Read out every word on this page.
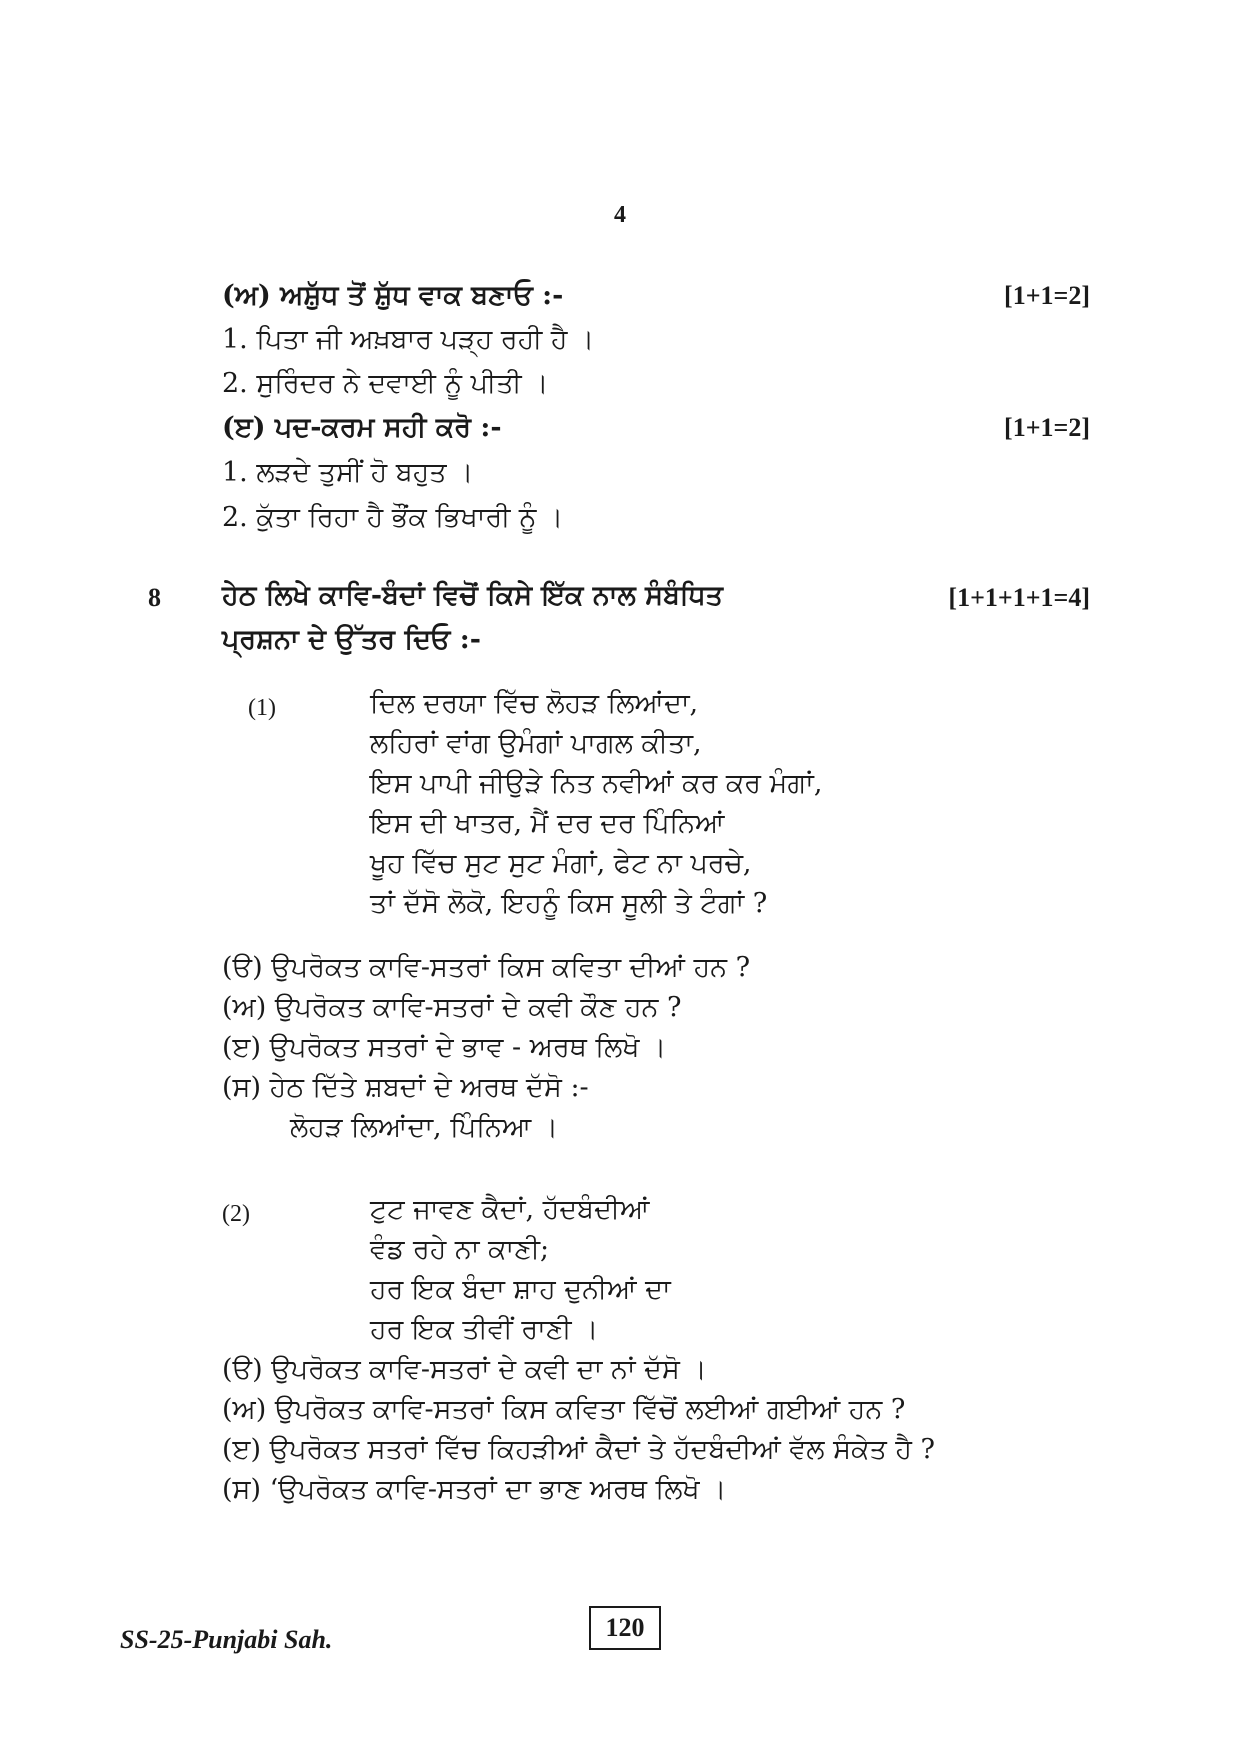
4
(ਅ) ਅਸ਼ੁੱਧ ਤੋਂ ਸ਼ੁੱਧ ਵਾਕ ਬਣਾਓ :-	[1+1=2]
1. ਪਿਤਾ ਜੀ ਅਖ਼ਬਾਰ ਪੜ੍ਹ ਰਹੀ ਹੈ ।
2. ਸੁਰਿੰਦਰ ਨੇ ਦਵਾਈ ਨੂੰ ਪੀਤੀ ।
(ੲ) ਪਦ-ਕਰਮ ਸਹੀ ਕਰੋ :-	[1+1=2]
1. ਲੜਦੇ ਤੁਸੀਂ ਹੋ ਬਹੁਤ ।
2. ਕੁੱਤਾ ਰਿਹਾ ਹੈ ਭੌਂਕ ਭਿਖਾਰੀ ਨੂੰ ।
8 ਹੇਠ ਲਿਖੇ ਕਾਵਿ-ਬੰਦਾਂ ਵਿਚੋਂ ਕਿਸੇ ਇੱਕ ਨਾਲ ਸੰਬੰਧਿਤ	[1+1+1+1=4]
ਪ੍ਰਸ਼ਨਾ ਦੇ ਉੱਤਰ ਦਿਓ :-
(1)	ਦਿਲ ਦਰਯਾ ਵਿੱਚ ਲੋਹੜ ਲਿਆਂਦਾ,
ਲਹਿਰਾਂ ਵਾਂਗ ਉਮੰਗਾਂ ਪਾਗਲ ਕੀਤਾ,
ਇਸ ਪਾਪੀ ਜੀਉੜੇ ਨਿਤ ਨਵੀਆਂ ਕਰ ਕਰ ਮੰਗਾਂ,
ਇਸ ਦੀ ਖਾਤਰ, ਮੈਂ ਦਰ ਦਰ ਪਿੰਨਿਆਂ
ਖੂਹ ਵਿੱਚ ਸੁਟ ਸੁਟ ਮੰਗਾਂ, ਫੇਟ ਨਾ ਪਰਚੇ,
ਤਾਂ ਦੱਸੋ ਲੋਕੋ, ਇਹਨੂੰ ਕਿਸ ਸੂਲੀ ਤੇ ਟੰਗਾਂ ?
(ੳ) ਉਪਰੋਕਤ ਕਾਵਿ-ਸਤਰਾਂ ਕਿਸ ਕਵਿਤਾ ਦੀਆਂ ਹਨ ?
(ਅ) ਉਪਰੋਕਤ ਕਾਵਿ-ਸਤਰਾਂ ਦੇ ਕਵੀ ਕੌਣ ਹਨ ?
(ੲ) ਉਪਰੋਕਤ ਸਤਰਾਂ ਦੇ ਭਾਵ - ਅਰਥ ਲਿਖੋ ।
(ਸ) ਹੇਠ ਦਿੱਤੇ ਸ਼ਬਦਾਂ ਦੇ ਅਰਥ ਦੱਸੋ :-
ਲੋਹੜ ਲਿਆਂਦਾ, ਪਿੰਨਿਆ ।
(2)	ਟੁਟ ਜਾਵਣ ਕੈਦਾਂ, ਹੱਦਬੰਦੀਆਂ
ਵੰਡ ਰਹੇ ਨਾ ਕਾਣੀ;
ਹਰ ਇਕ ਬੰਦਾ ਸ਼ਾਹ ਦੁਨੀਆਂ ਦਾ
ਹਰ ਇਕ ਤੀਵੀਂ ਰਾਣੀ ।
(ੳ) ਉਪਰੋਕਤ ਕਾਵਿ-ਸਤਰਾਂ ਦੇ ਕਵੀ ਦਾ ਨਾਂ ਦੱਸੋ ।
(ਅ) ਉਪਰੋਕਤ ਕਾਵਿ-ਸਤਰਾਂ ਕਿਸ ਕਵਿਤਾ ਵਿੱਚੋਂ ਲਈਆਂ ਗਈਆਂ ਹਨ ?
(ੲ) ਉਪਰੋਕਤ ਸਤਰਾਂ ਵਿੱਚ ਕਿਹੜੀਆਂ ਕੈਦਾਂ ਤੇ ਹੱਦਬੰਦੀਆਂ ਵੱਲ ਸੰਕੇਤ ਹੈ ?
(ਸ) ‘ਉਪਰੋਕਤ ਕਾਵਿ-ਸਤਰਾਂ ਦਾ ਭਾਣ ਅਰਥ ਲਿਖੋ ।
SS-25-Punjabi Sah.	120
